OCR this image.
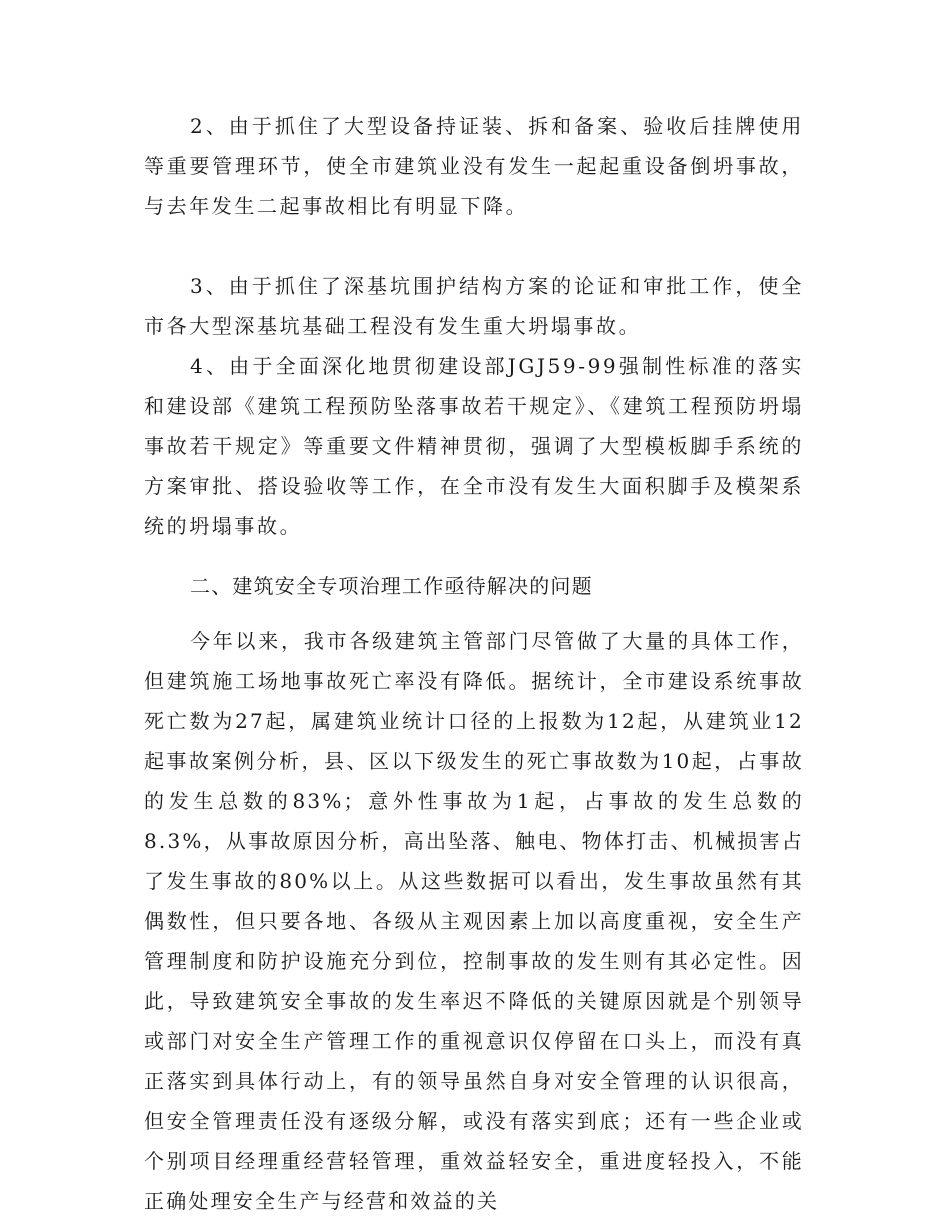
2、由于抓住了大型设备持证装、拆和备案、验收后挂牌使用等重要管理环节，使全市建筑业没有发生一起起重设备倒坍事故，与去年发生二起事故相比有明显下降。

3、由于抓住了深基坑围护结构方案的论证和审批工作，使全市各大型深基坑基础工程没有发生重大坍塌事故。

4、由于全面深化地贯彻建设部JGJ59-99强制性标准的落实和建设部《建筑工程预防坠落事故若干规定》、《建筑工程预防坍塌事故若干规定》等重要文件精神贯彻，强调了大型模板脚手系统的方案审批、搭设验收等工作，在全市没有发生大面积脚手及模架系统的坍塌事故。

二、建筑安全专项治理工作亟待解决的问题

今年以来，我市各级建筑主管部门尽管做了大量的具体工作，但建筑施工场地事故死亡率没有降低。据统计，全市建设系统事故死亡数为27起，属建筑业统计口径的上报数为12起，从建筑业12起事故案例分析，县、区以下级发生的死亡事故数为10起，占事故的发生总数的83%；意外性事故为1起，占事故的发生总数的8.3%，从事故原因分析，高出坠落、触电、物体打击、机械损害占了发生事故的80%以上。从这些数据可以看出，发生事故虽然有其偶数性，但只要各地、各级从主观因素上加以高度重视，安全生产管理制度和防护设施充分到位，控制事故的发生则有其必定性。因此，导致建筑安全事故的发生率迟不降低的关键原因就是个别领导或部门对安全生产管理工作的重视意识仅停留在口头上，而没有真正落实到具体行动上，有的领导虽然自身对安全管理的认识很高，但安全管理责任没有逐级分解，或没有落实到底；还有一些企业或个别项目经理重经营轻管理，重效益轻安全，重进度轻投入，不能正确处理安全生产与经营和效益的关
